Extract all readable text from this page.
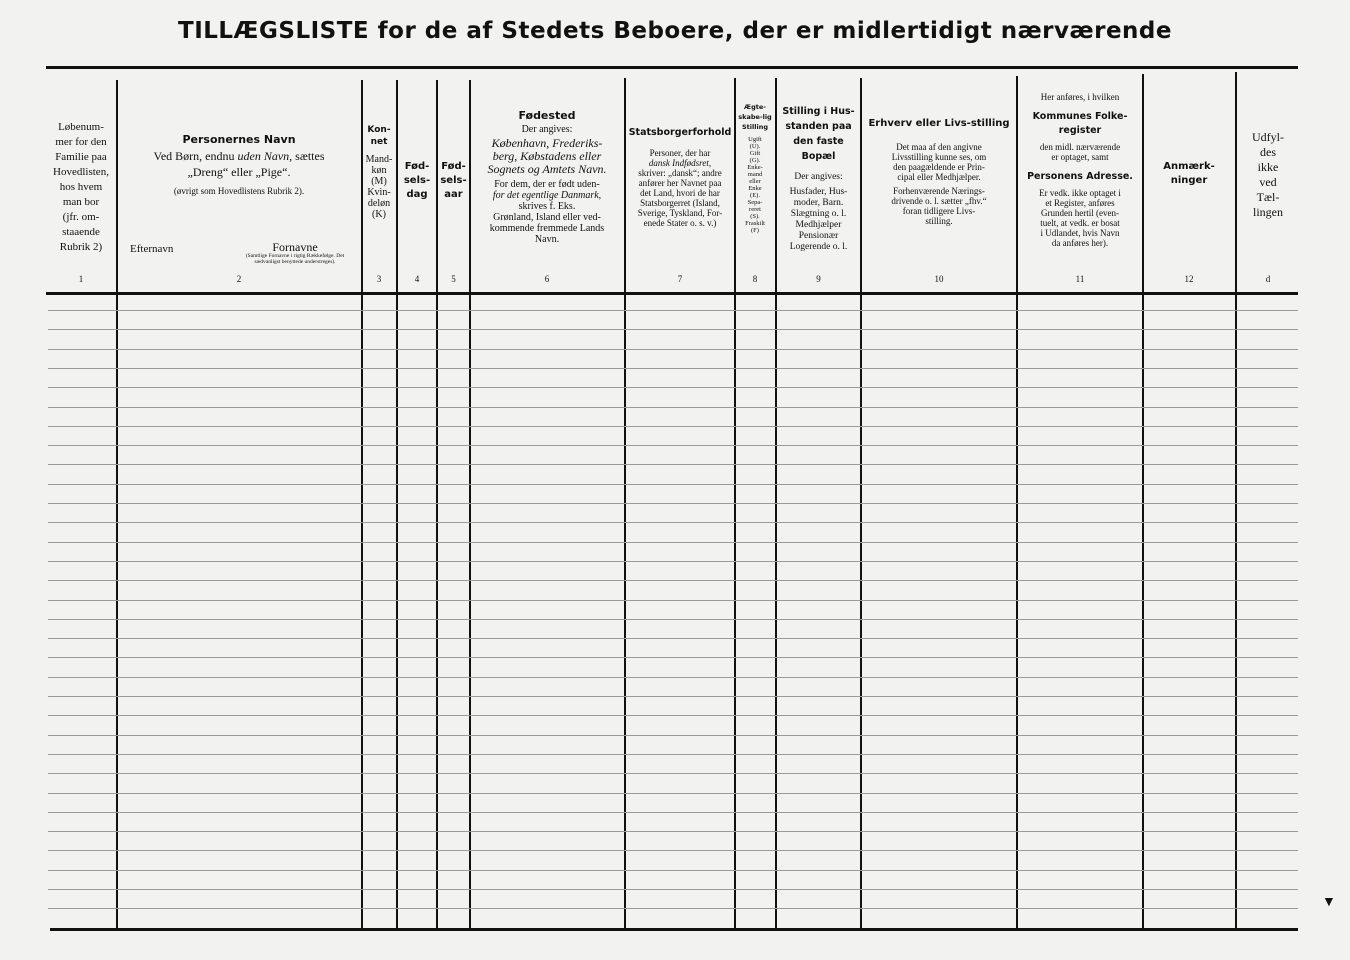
TILLÆGSLISTE for de af Stedets Beboere, der er midlertidigt nærværende
Løbenum-
mer for den
Familie paa
Hovedlisten,
hos hvem
man bor
(jfr. om-
staaende
Rubrik 2)
Personernes Navn
Ved Børn, endnu uden Navn, sættes
„Dreng“ eller „Pige“.
(øvrigt som Hovedlistens Rubrik 2).
Efternavn	Fornavne
(Samtlige Fornavne i rigtig Rækkefølge. Det sædvanligst benyttede understreges).
Kon-net
Mand-
køn
(M)
Kvin-
deløn
(K)
Fød-sels-dag
Fød-sels-aar
Fødested
Der angives:
København, Frederiks-
berg, Købstadens eller
Sognets og Amtets Navn.
For dem, der er født uden-
for det egentlige Danmark,
skrives f. Eks.
Grønland, Island eller ved-
kommende fremmede Lands
Navn.
Statsborgerforhold
Personer, der har
dansk Indfødsret,
skriver: „dansk“; andre
anfører her Navnet paa
det Land, hvori de har
Statsborgerret (Island,
Sverige, Tyskland, For-
enede Stater o. s. v.)
Ægte-skabe-lig Stilling
Ugift
(U).
Gift
(G).
Enke-
mand
eller
Enke
(E).
Sepa-
reret
(S).
Fraskilt
(F)
Stilling i Hus-standen paa den faste Bopæl
Der angives:
Husfader, Hus-
moder, Barn.
Slægtning o. l.
Medhjælper
Pensionær
Logerende o. l.
Erhverv eller Livs-stilling
Det maa af den angivne
Livsstilling kunne ses, om
den paagældende er Prin-
cipal eller Medhjælper.
Forhenværende Nærings-
drivende o. l. sætter „fhv.“
foran tidligere Livs-
stilling.
Her anføres, i hvilken
Kommunes Folke-register
den midl. nærværende
er optaget, samt
Personens Adresse.
Er vedk. ikke optaget i
et Register, anføres
Grunden hertil (even-
tuelt, at vedk. er bosat
i Udlandet, hvis Navn
da anføres her).
Anmærk-ninger
Udfyl-
des
ikke
ved
Tæl-
lingen
1	2	3	4	5	6	7	8	9	10	11	12	d
▼
